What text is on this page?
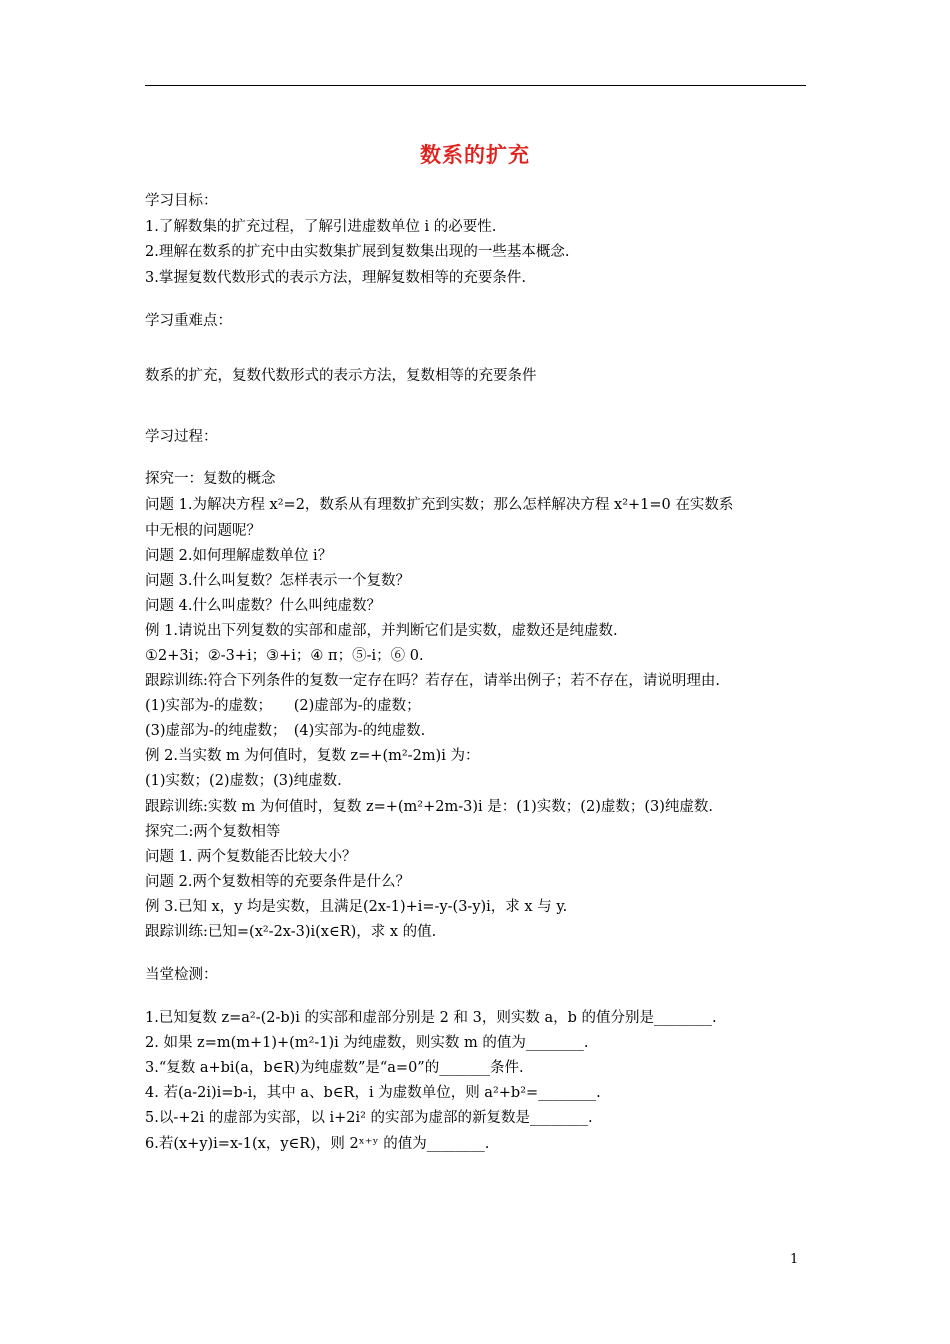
数系的扩充
学习目标：
1.了解数集的扩充过程，了解引进虚数单位 i 的必要性.
2.理解在数系的扩充中由实数集扩展到复数集出现的一些基本概念.
3.掌握复数代数形式的表示方法，理解复数相等的充要条件.
学习重难点：
数系的扩充，复数代数形式的表示方法，复数相等的充要条件
学习过程：
探究一：复数的概念
问题 1.为解决方程 x²=2，数系从有理数扩充到实数；那么怎样解决方程 x²+1=0 在实数系
中无根的问题呢？
问题 2.如何理解虚数单位 i？
问题 3.什么叫复数？怎样表示一个复数？
问题 4.什么叫虚数？什么叫纯虚数？
例 1.请说出下列复数的实部和虚部，并判断它们是实数，虚数还是纯虚数.
①2+3i；②-3+i；③+i；④ π；⑤-i；⑥ 0.
跟踪训练:符合下列条件的复数一定存在吗？若存在，请举出例子；若不存在，请说明理由.
(1)实部为-的虚数；　　(2)虚部为-的虚数；
(3)虚部为-的纯虚数；　(4)实部为-的纯虚数.
例 2.当实数 m 为何值时，复数 z=+(m²-2m)i 为：
(1)实数；(2)虚数；(3)纯虚数.
跟踪训练:实数 m 为何值时，复数 z=+(m²+2m-3)i 是：(1)实数；(2)虚数；(3)纯虚数.
探究二:两个复数相等
问题 1. 两个复数能否比较大小？
问题 2.两个复数相等的充要条件是什么？
例 3.已知 x，y 均是实数，且满足(2x-1)+i=-y-(3-y)i，求 x 与 y.
跟踪训练:已知=(x²-2x-3)i(x∈R)，求 x 的值.
当堂检测：
1.已知复数 z=a²-(2-b)i 的实部和虚部分别是 2 和 3，则实数 a，b 的值分别是________.
2. 如果 z=m(m+1)+(m²-1)i 为纯虚数，则实数 m 的值为________.
3.“复数 a+bi(a，b∈R)为纯虚数”是“a=0”的_______条件.
4. 若(a-2i)i=b-i，其中 a、b∈R，i 为虚数单位，则 a²+b²=________.
5.以-+2i 的虚部为实部，以 i+2i² 的实部为虚部的新复数是________.
6.若(x+y)i=x-1(x，y∈R)，则 2ˣ⁺ʸ 的值为________.
1
